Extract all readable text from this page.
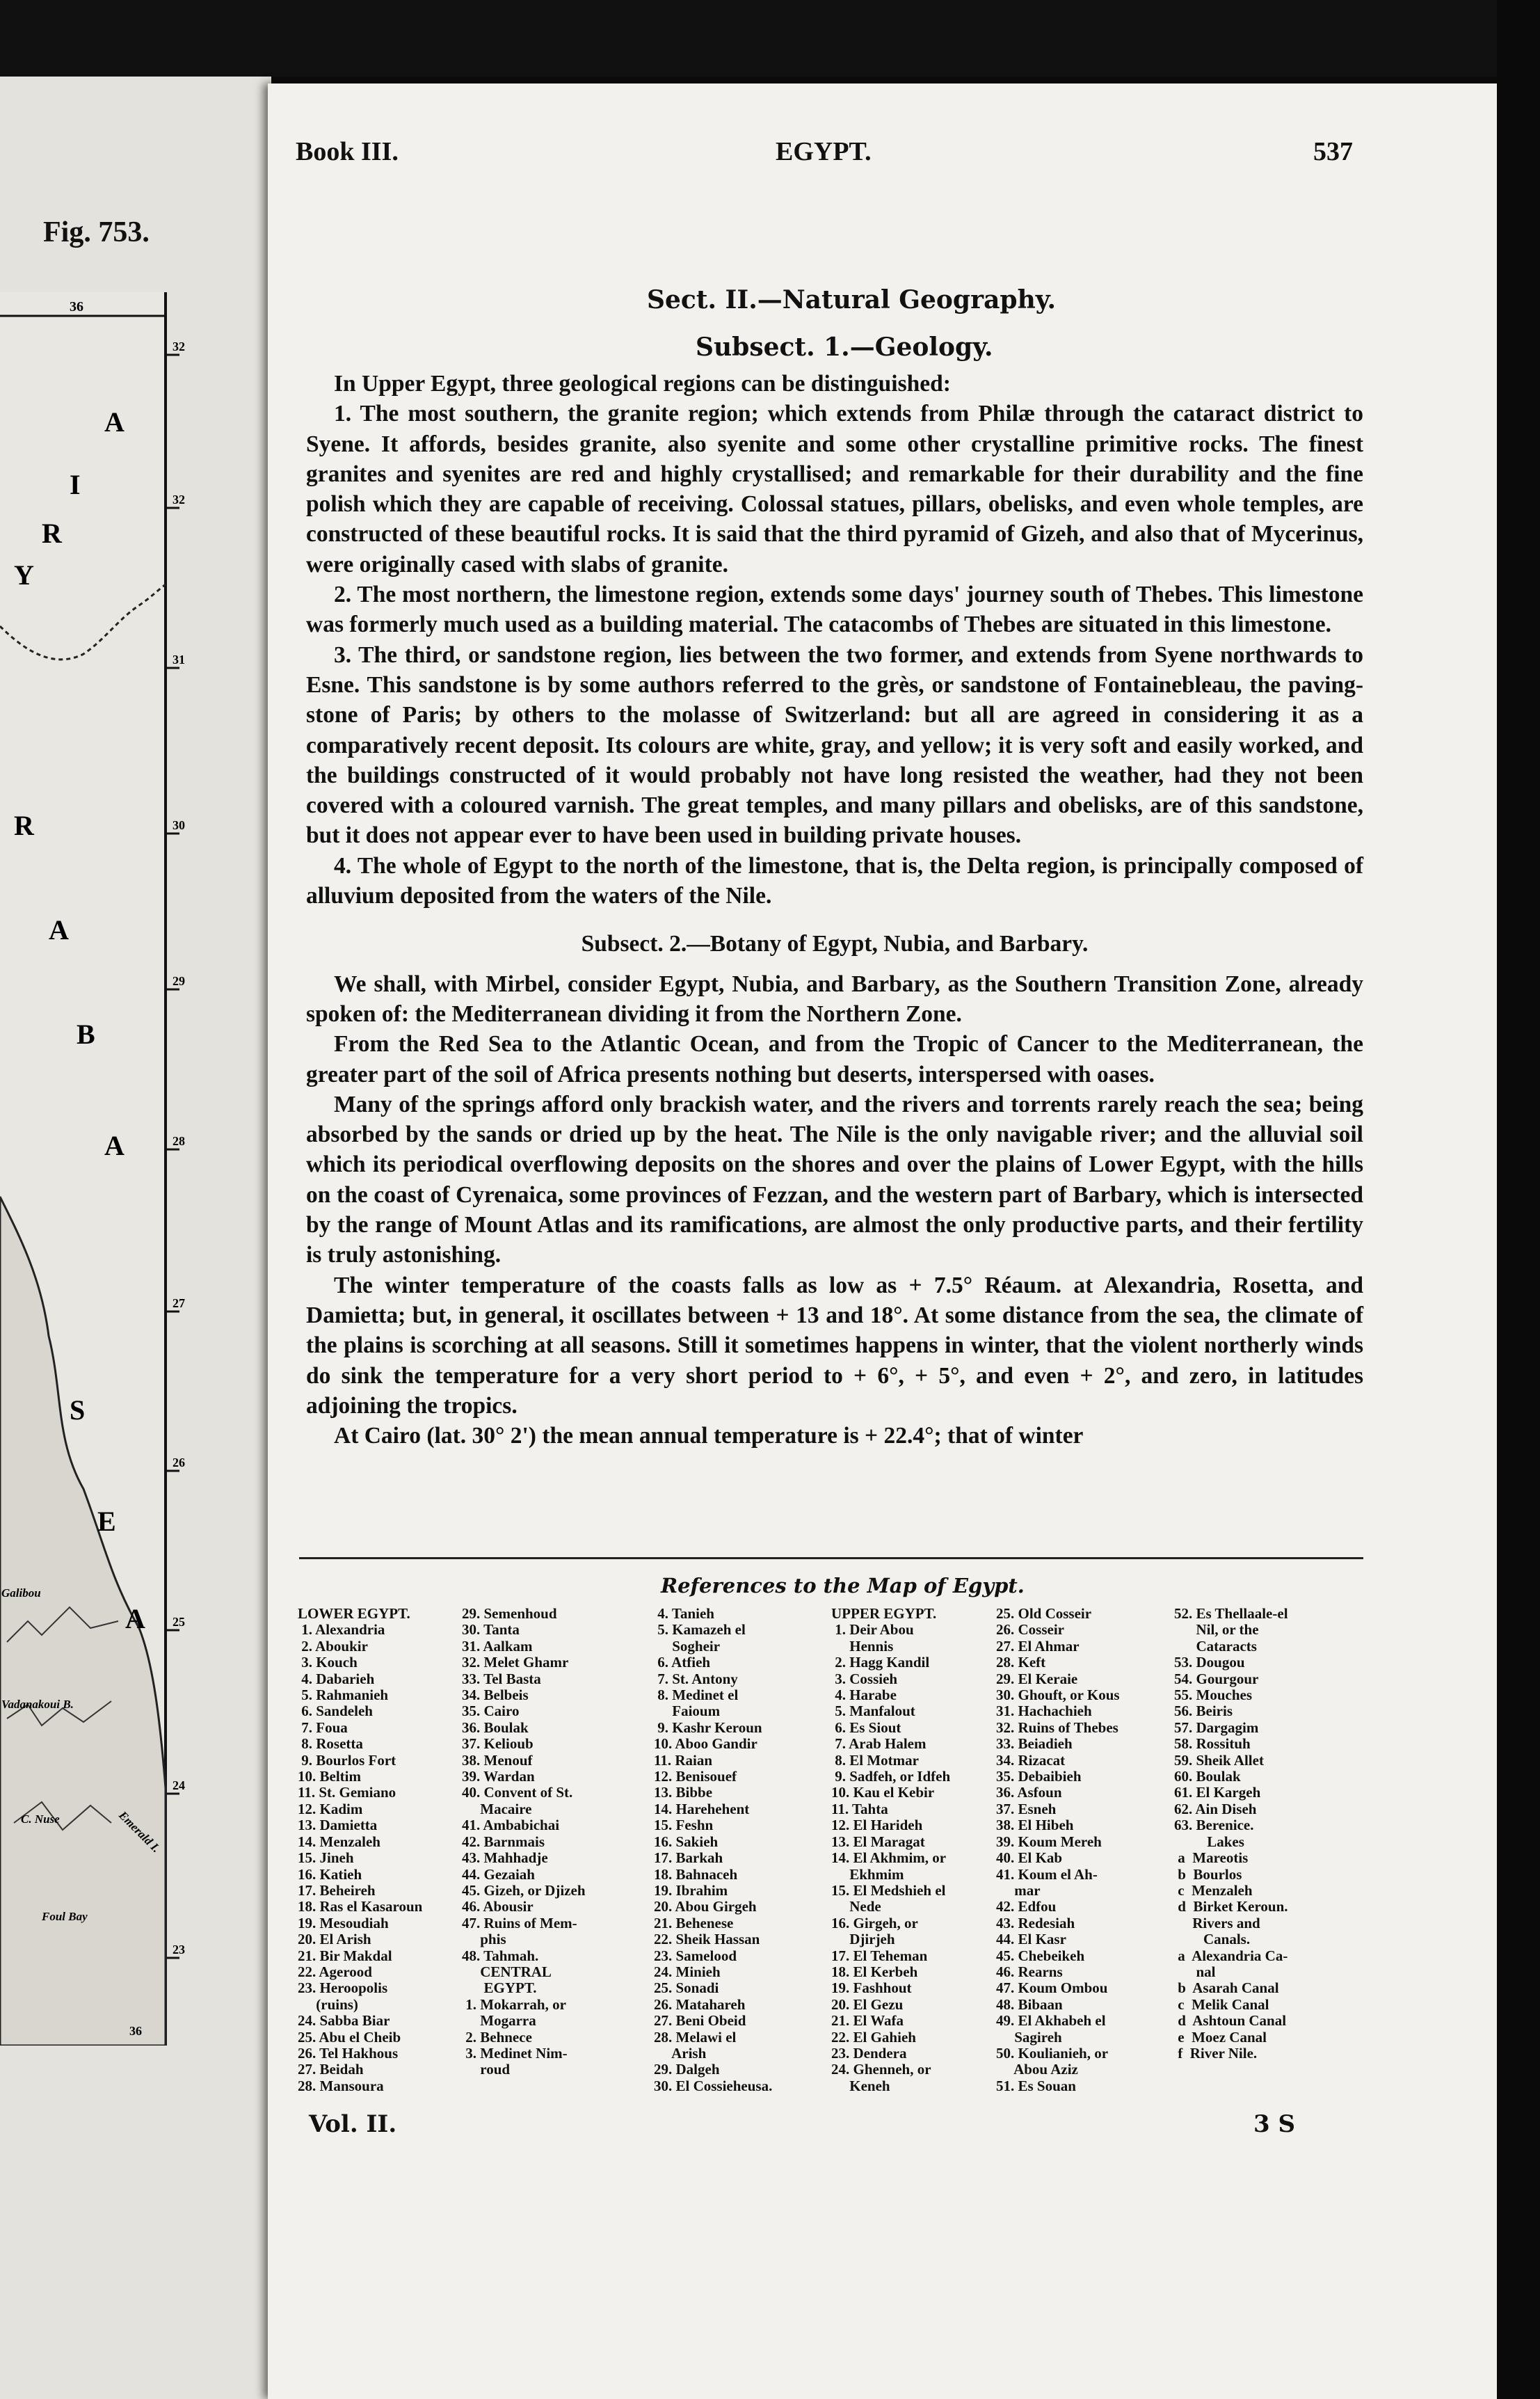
Fig. 753.
36
32
32
31
30
29
28
27
26
25
24
23
Y
R
I
A
R
A
B
A
S
E
A
Galibou
Vadanakoui B.
C. Nuse	Emerald I.
Foul Bay
36
Book III.	EGYPT.	537
Sect. II.—Natural Geography.
Subsect. 1.—Geology.

In Upper Egypt, three geological regions can be distinguished:

1. The most southern, the granite region; which extends from Philæ through the cataract district to Syene. It affords, besides granite, also syenite and some other crystalline primitive rocks. The finest granites and syenites are red and highly crystallised; and remarkable for their durability and the fine polish which they are capable of receiving. Colossal statues, pillars, obelisks, and even whole temples, are constructed of these beautiful rocks. It is said that the third pyramid of Gizeh, and also that of Mycerinus, were originally cased with slabs of granite.

2. The most northern, the limestone region, extends some days' journey south of Thebes. This limestone was formerly much used as a building material. The catacombs of Thebes are situated in this limestone.

3. The third, or sandstone region, lies between the two former, and extends from Syene northwards to Esne. This sandstone is by some authors referred to the grès, or sandstone of Fontainebleau, the paving-stone of Paris; by others to the molasse of Switzerland: but all are agreed in considering it as a comparatively recent deposit. Its colours are white, gray, and yellow; it is very soft and easily worked, and the buildings constructed of it would probably not have long resisted the weather, had they not been covered with a coloured varnish. The great temples, and many pillars and obelisks, are of this sandstone, but it does not appear ever to have been used in building private houses.

4. The whole of Egypt to the north of the limestone, that is, the Delta region, is principally composed of alluvium deposited from the waters of the Nile.

Subsect. 2.—Botany of Egypt, Nubia, and Barbary.

We shall, with Mirbel, consider Egypt, Nubia, and Barbary, as the Southern Transition Zone, already spoken of: the Mediterranean dividing it from the Northern Zone.

From the Red Sea to the Atlantic Ocean, and from the Tropic of Cancer to the Mediterranean, the greater part of the soil of Africa presents nothing but deserts, interspersed with oases.

Many of the springs afford only brackish water, and the rivers and torrents rarely reach the sea; being absorbed by the sands or dried up by the heat. The Nile is the only navigable river; and the alluvial soil which its periodical overflowing deposits on the shores and over the plains of Lower Egypt, with the hills on the coast of Cyrenaica, some provinces of Fezzan, and the western part of Barbary, which is intersected by the range of Mount Atlas and its ramifications, are almost the only productive parts, and their fertility is truly astonishing.

The winter temperature of the coasts falls as low as + 7.5° Réaum. at Alexandria, Rosetta, and Damietta; but, in general, it oscillates between + 13 and 18°. At some distance from the sea, the climate of the plains is scorching at all seasons. Still it sometimes happens in winter, that the violent northerly winds do sink the temperature for a very short period to + 6°, + 5°, and even + 2°, and zero, in latitudes adjoining the tropics.

At Cairo (lat. 30° 2') the mean annual temperature is + 22.4°; that of winter

References to the Map of Egypt.
LOWER EGYPT.
1. Alexandria
2. Aboukir
3. Kouch
4. Dabarieh
5. Rahmanieh
6. Sandeleh
7. Foua
8. Rosetta
9. Bourlos Fort
10. Beltim
11. St. Gemiano
12. Kadim
13. Damietta
14. Menzaleh
15. Jineh
16. Katieh
17. Beheireh
18. Ras el Kasaroun
19. Mesoudiah
20. El Arish
21. Bir Makdal
22. Agerood
23. Heroopolis
(ruins)
24. Sabba Biar
25. Abu el Cheib
26. Tel Hakhous
27. Beidah
28. Mansoura
29. Semenhoud
30. Tanta
31. Aalkam
32. Melet Ghamr
33. Tel Basta
34. Belbeis
35. Cairo
36. Boulak
37. Kelioub
38. Menouf
39. Wardan
40. Convent of St.
Macaire
41. Ambabichai
42. Barnmais
43. Mahhadje
44. Gezaiah
45. Gizeh, or Djizeh
46. Abousir
47. Ruins of Mem-
phis
48. Tahmah.
CENTRAL
EGYPT.
1. Mokarrah, or
Mogarra
2. Behnece
3. Medinet Nim-
roud
4. Tanieh
5. Kamazeh el
Sogheir
6. Atfieh
7. St. Antony
8. Medinet el
Faioum
9. Kashr Keroun
10. Aboo Gandir
11. Raian
12. Benisouef
13. Bibbe
14. Harehehent
15. Feshn
16. Sakieh
17. Barkah
18. Bahnaceh
19. Ibrahim
20. Abou Girgeh
21. Behenese
22. Sheik Hassan
23. Samelood
24. Minieh
25. Sonadi
26. Matahareh
27. Beni Obeid
28. Melawi el
Arish
29. Dalgeh
30. El Cossieheusa.
UPPER EGYPT.
1. Deir Abou
Hennis
2. Hagg Kandil
3. Cossieh
4. Harabe
5. Manfalout
6. Es Siout
7. Arab Halem
8. El Motmar
9. Sadfeh, or Idfeh
10. Kau el Kebir
11. Tahta
12. El Harideh
13. El Maragat
14. El Akhmim, or
Ekhmim
15. El Medshieh el
Nede
16. Girgeh, or
Djirjeh
17. El Teheman
18. El Kerbeh
19. Fashhout
20. El Gezu
21. El Wafa
22. El Gahieh
23. Dendera
24. Ghenneh, or
Keneh
25. Old Cosseir
26. Cosseir
27. El Ahmar
28. Keft
29. El Keraie
30. Ghouft, or Kous
31. Hachachieh
32. Ruins of Thebes
33. Beiadieh
34. Rizacat
35. Debaibieh
36. Asfoun
37. Esneh
38. El Hibeh
39. Koum Mereh
40. El Kab
41. Koum el Ah-
mar
42. Edfou
43. Redesiah
44. El Kasr
45. Chebeikeh
46. Rearns
47. Koum Ombou
48. Bibaan
49. El Akhabeh el
Sagireh
50. Koulianieh, or
Abou Aziz
51. Es Souan
52. Es Thellaale-el
Nil, or the
Cataracts
53. Dougou
54. Gourgour
55. Mouches
56. Beiris
57. Dargagim
58. Rossituh
59. Sheik Allet
60. Boulak
61. El Kargeh
62. Ain Diseh
63. Berenice.
Lakes
a  Mareotis
b  Bourlos
c  Menzaleh
d  Birket Keroun.
Rivers and
Canals.
a  Alexandria Ca-
nal
b  Asarah Canal
c  Melik Canal
d  Ashtoun Canal
e  Moez Canal
f  River Nile.
Vol. II.	3 S
